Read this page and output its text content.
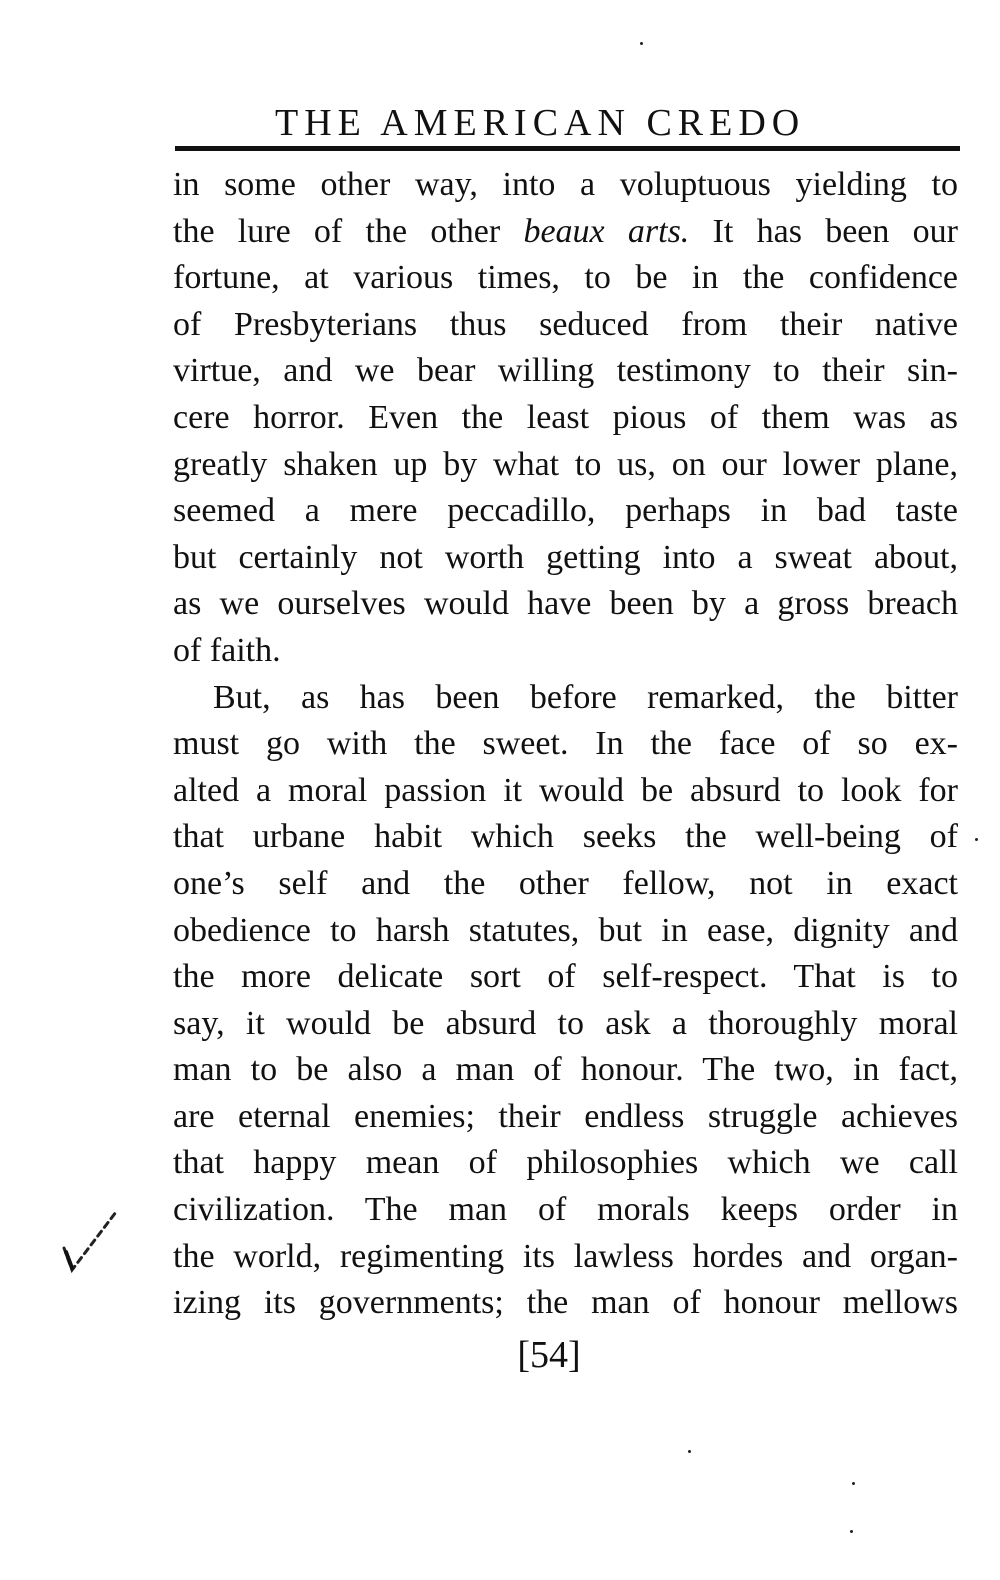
THE AMERICAN CREDO
in some other way, into a voluptuous yielding to
the lure of the other beaux arts. It has been our
fortune, at various times, to be in the confidence
of Presbyterians thus seduced from their native
virtue, and we bear willing testimony to their sin-
cere horror. Even the least pious of them was as
greatly shaken up by what to us, on our lower plane,
seemed a mere peccadillo, perhaps in bad taste
but certainly not worth getting into a sweat about,
as we ourselves would have been by a gross breach
of faith.
But, as has been before remarked, the bitter
must go with the sweet. In the face of so ex-
alted a moral passion it would be absurd to look for
that urbane habit which seeks the well-being of
one’s self and the other fellow, not in exact
obedience to harsh statutes, but in ease, dignity and
the more delicate sort of self-respect. That is to
say, it would be absurd to ask a thoroughly moral
man to be also a man of honour. The two, in fact,
are eternal enemies; their endless struggle achieves
that happy mean of philosophies which we call
civilization. The man of morals keeps order in
the world, regimenting its lawless hordes and organ-
izing its governments; the man of honour mellows
[54]
